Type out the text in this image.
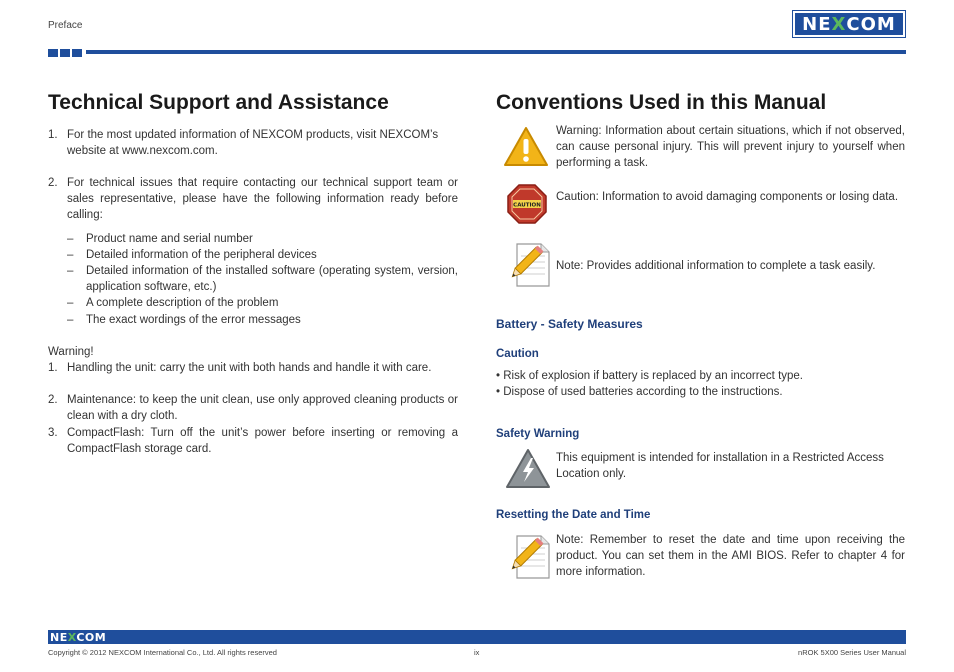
Preface	NE X COM
Technical Support and Assistance
1. For the most updated information of NEXCOM products, visit NEXCOM’s website at www.nexcom.com.
2. For technical issues that require contacting our technical support team or sales representative, please have the following information ready before calling:
– Product name and serial number
– Detailed information of the peripheral devices
– Detailed information of the installed software (operating system, version, application software, etc.)
– A complete description of the problem
– The exact wordings of the error messages
Warning!
1. Handling the unit: carry the unit with both hands and handle it with care.
2. Maintenance: to keep the unit clean, use only approved cleaning products or clean with a dry cloth.
3. CompactFlash: Turn off the unit’s power before inserting or removing a CompactFlash storage card.
Conventions Used in this Manual
Warning: Information about certain situations, which if not observed, can cause personal injury. This will prevent injury to yourself when performing a task.
CAUTION
Caution: Information to avoid damaging components or losing data.
Note: Provides additional information to complete a task easily.
Battery - Safety Measures
Caution
• Risk of explosion if battery is replaced by an incorrect type.
• Dispose of used batteries according to the instructions.
Safety Warning
This equipment is intended for installation in a Restricted Access Location only.
Resetting the Date and Time
Note: Remember to reset the date and time upon receiving the product. You can set them in the AMI BIOS. Refer to chapter 4 for more information.
NEXCOM
Copyright © 2012 NEXCOM International Co., Ltd. All rights reserved	ix	nROK 5X00 Series User Manual
